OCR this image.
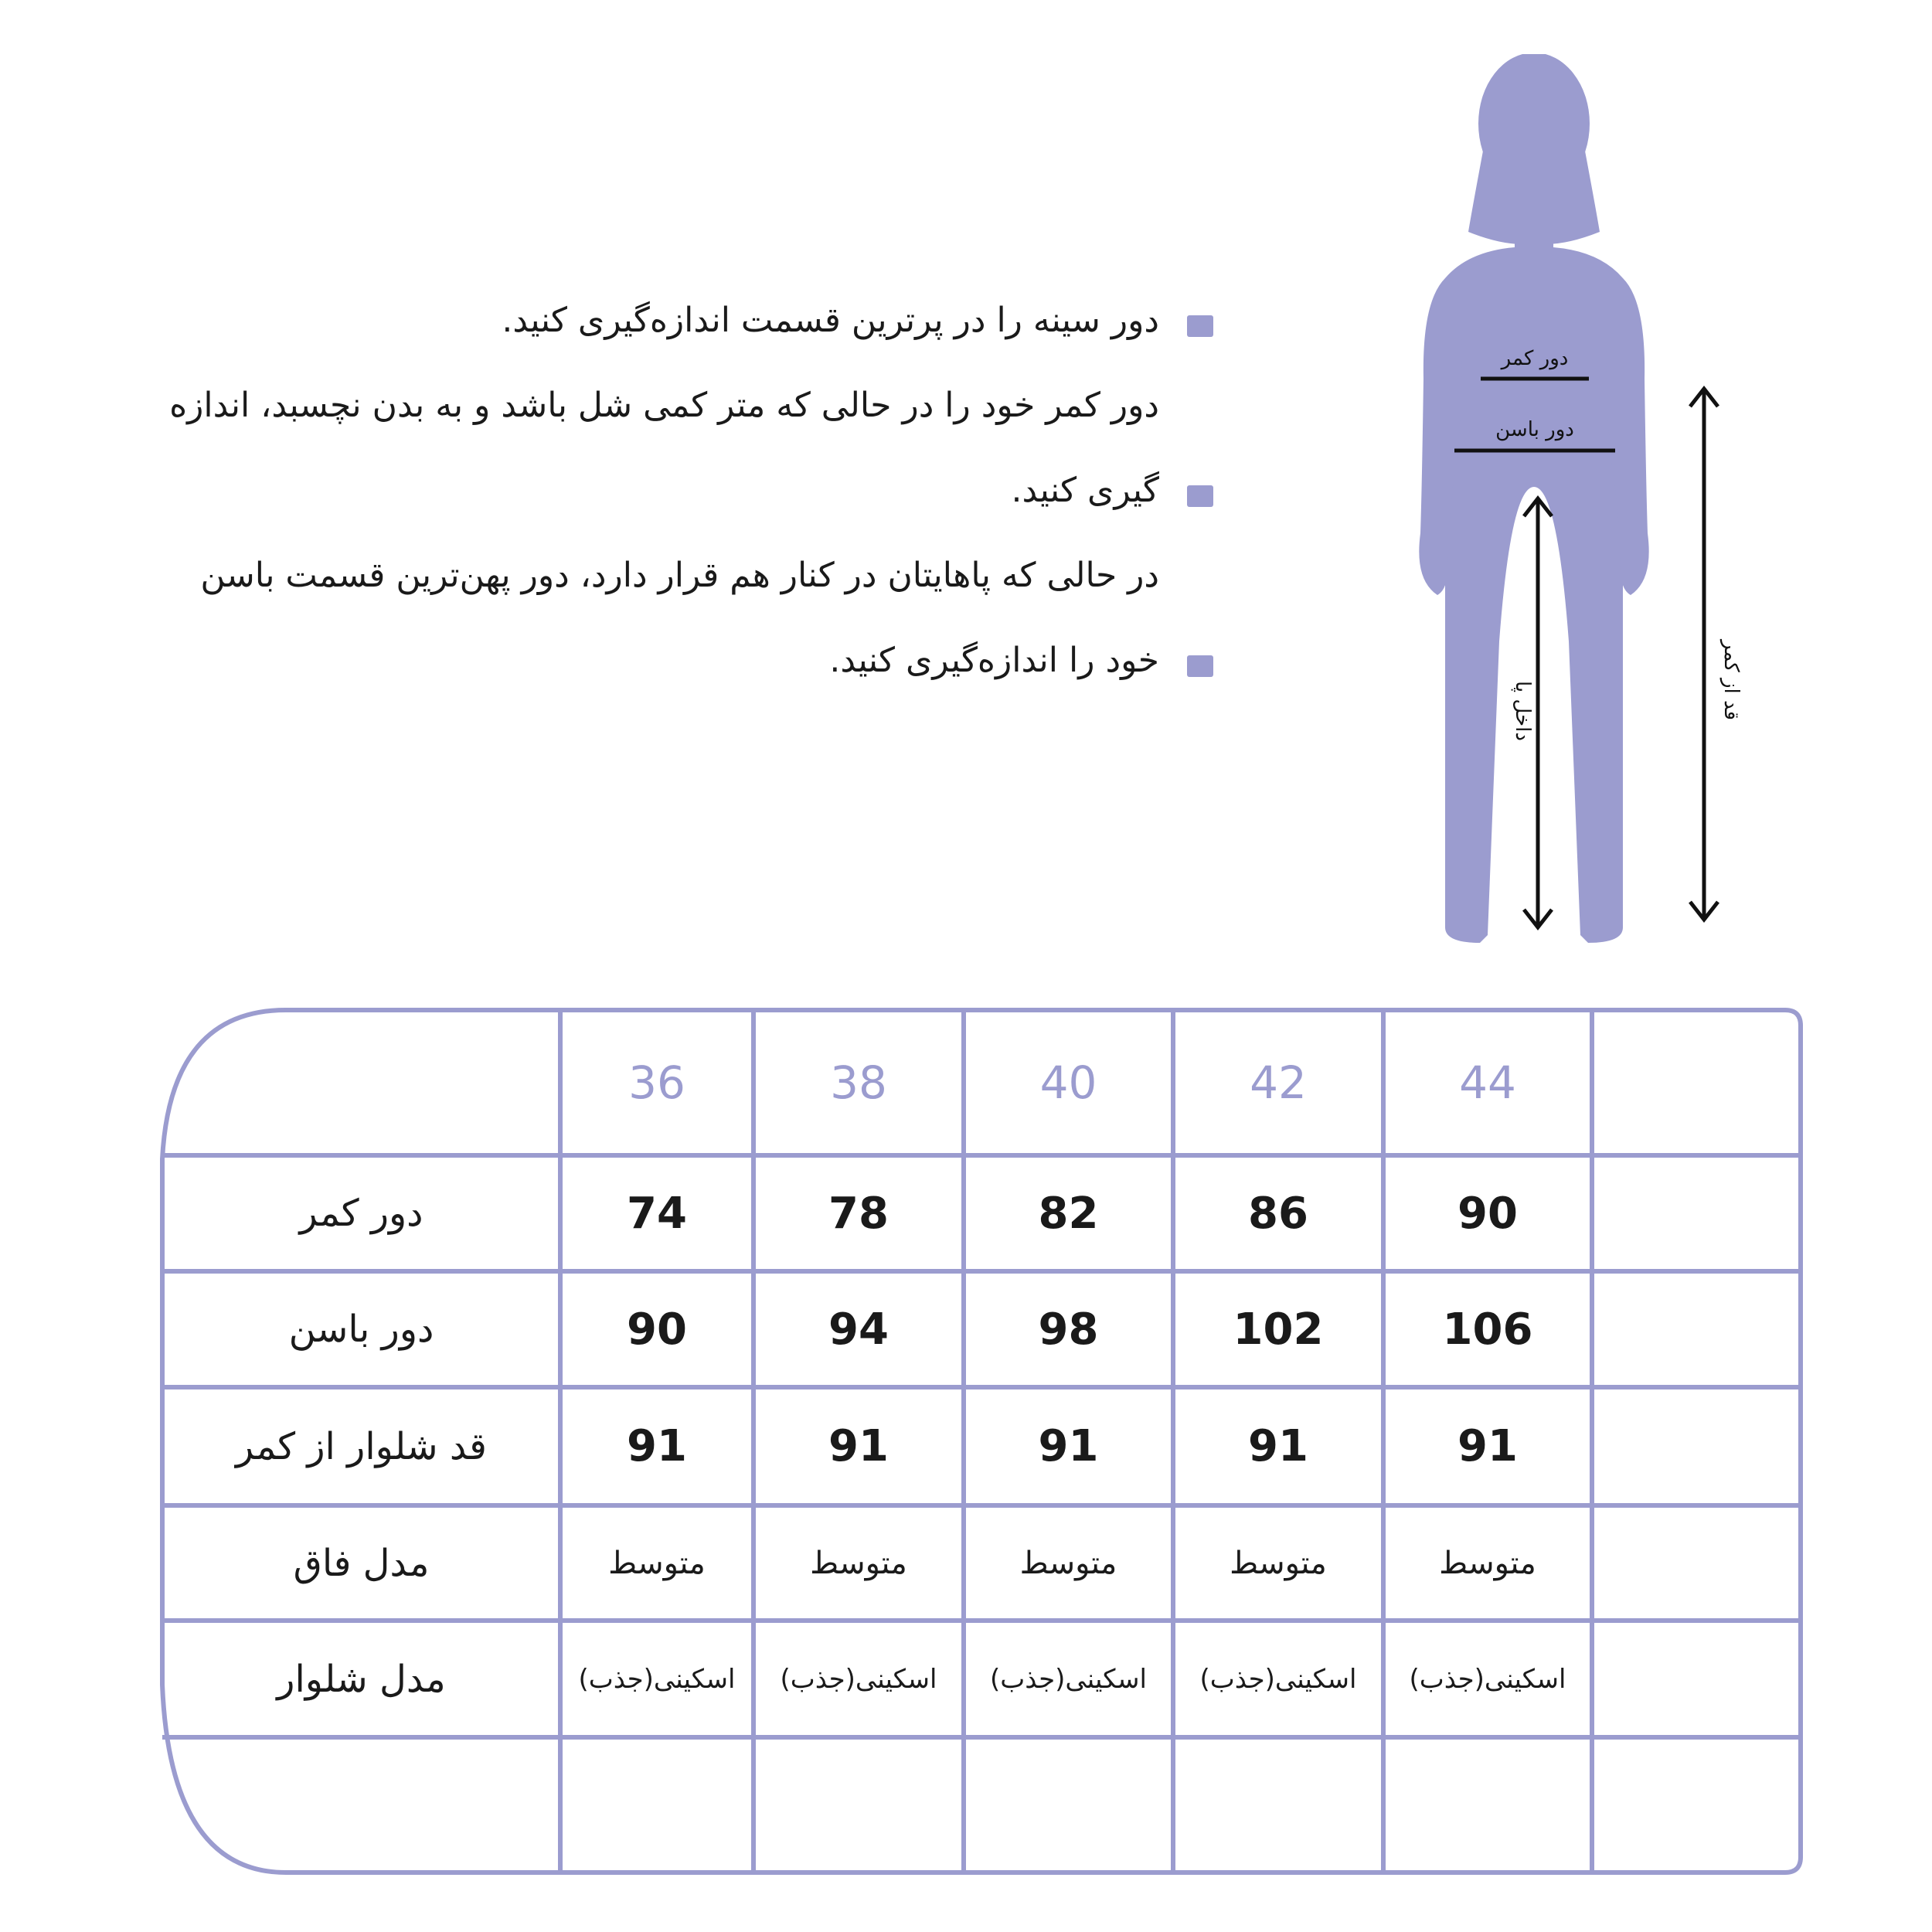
دور سینه را در پرترین قسمت اندازه‌گیری کنید.
دور کمر خود را در حالی که متر کمی شل باشد و به بدن نچسبد، اندازه
گیری کنید.
در حالی که پاهایتان در کنار هم قرار دارد، دور پهن‌ترین قسمت باسن
خود را اندازه‌گیری کنید.
دور کمر
دور باسن
داخل پا	قد از کمر
36	38	40	42	44
دور کمر	74	78	82	86	90
دور باسن	90	94	98	102	106
قد شلوار از کمر	91	91	91	91	91
مدل فاق	متوسط	متوسط	متوسط	متوسط	متوسط
مدل شلوار	اسکینی(جذب)	اسکینی(جذب)	اسکینی(جذب)	اسکینی(جذب)	اسکینی(جذب)
